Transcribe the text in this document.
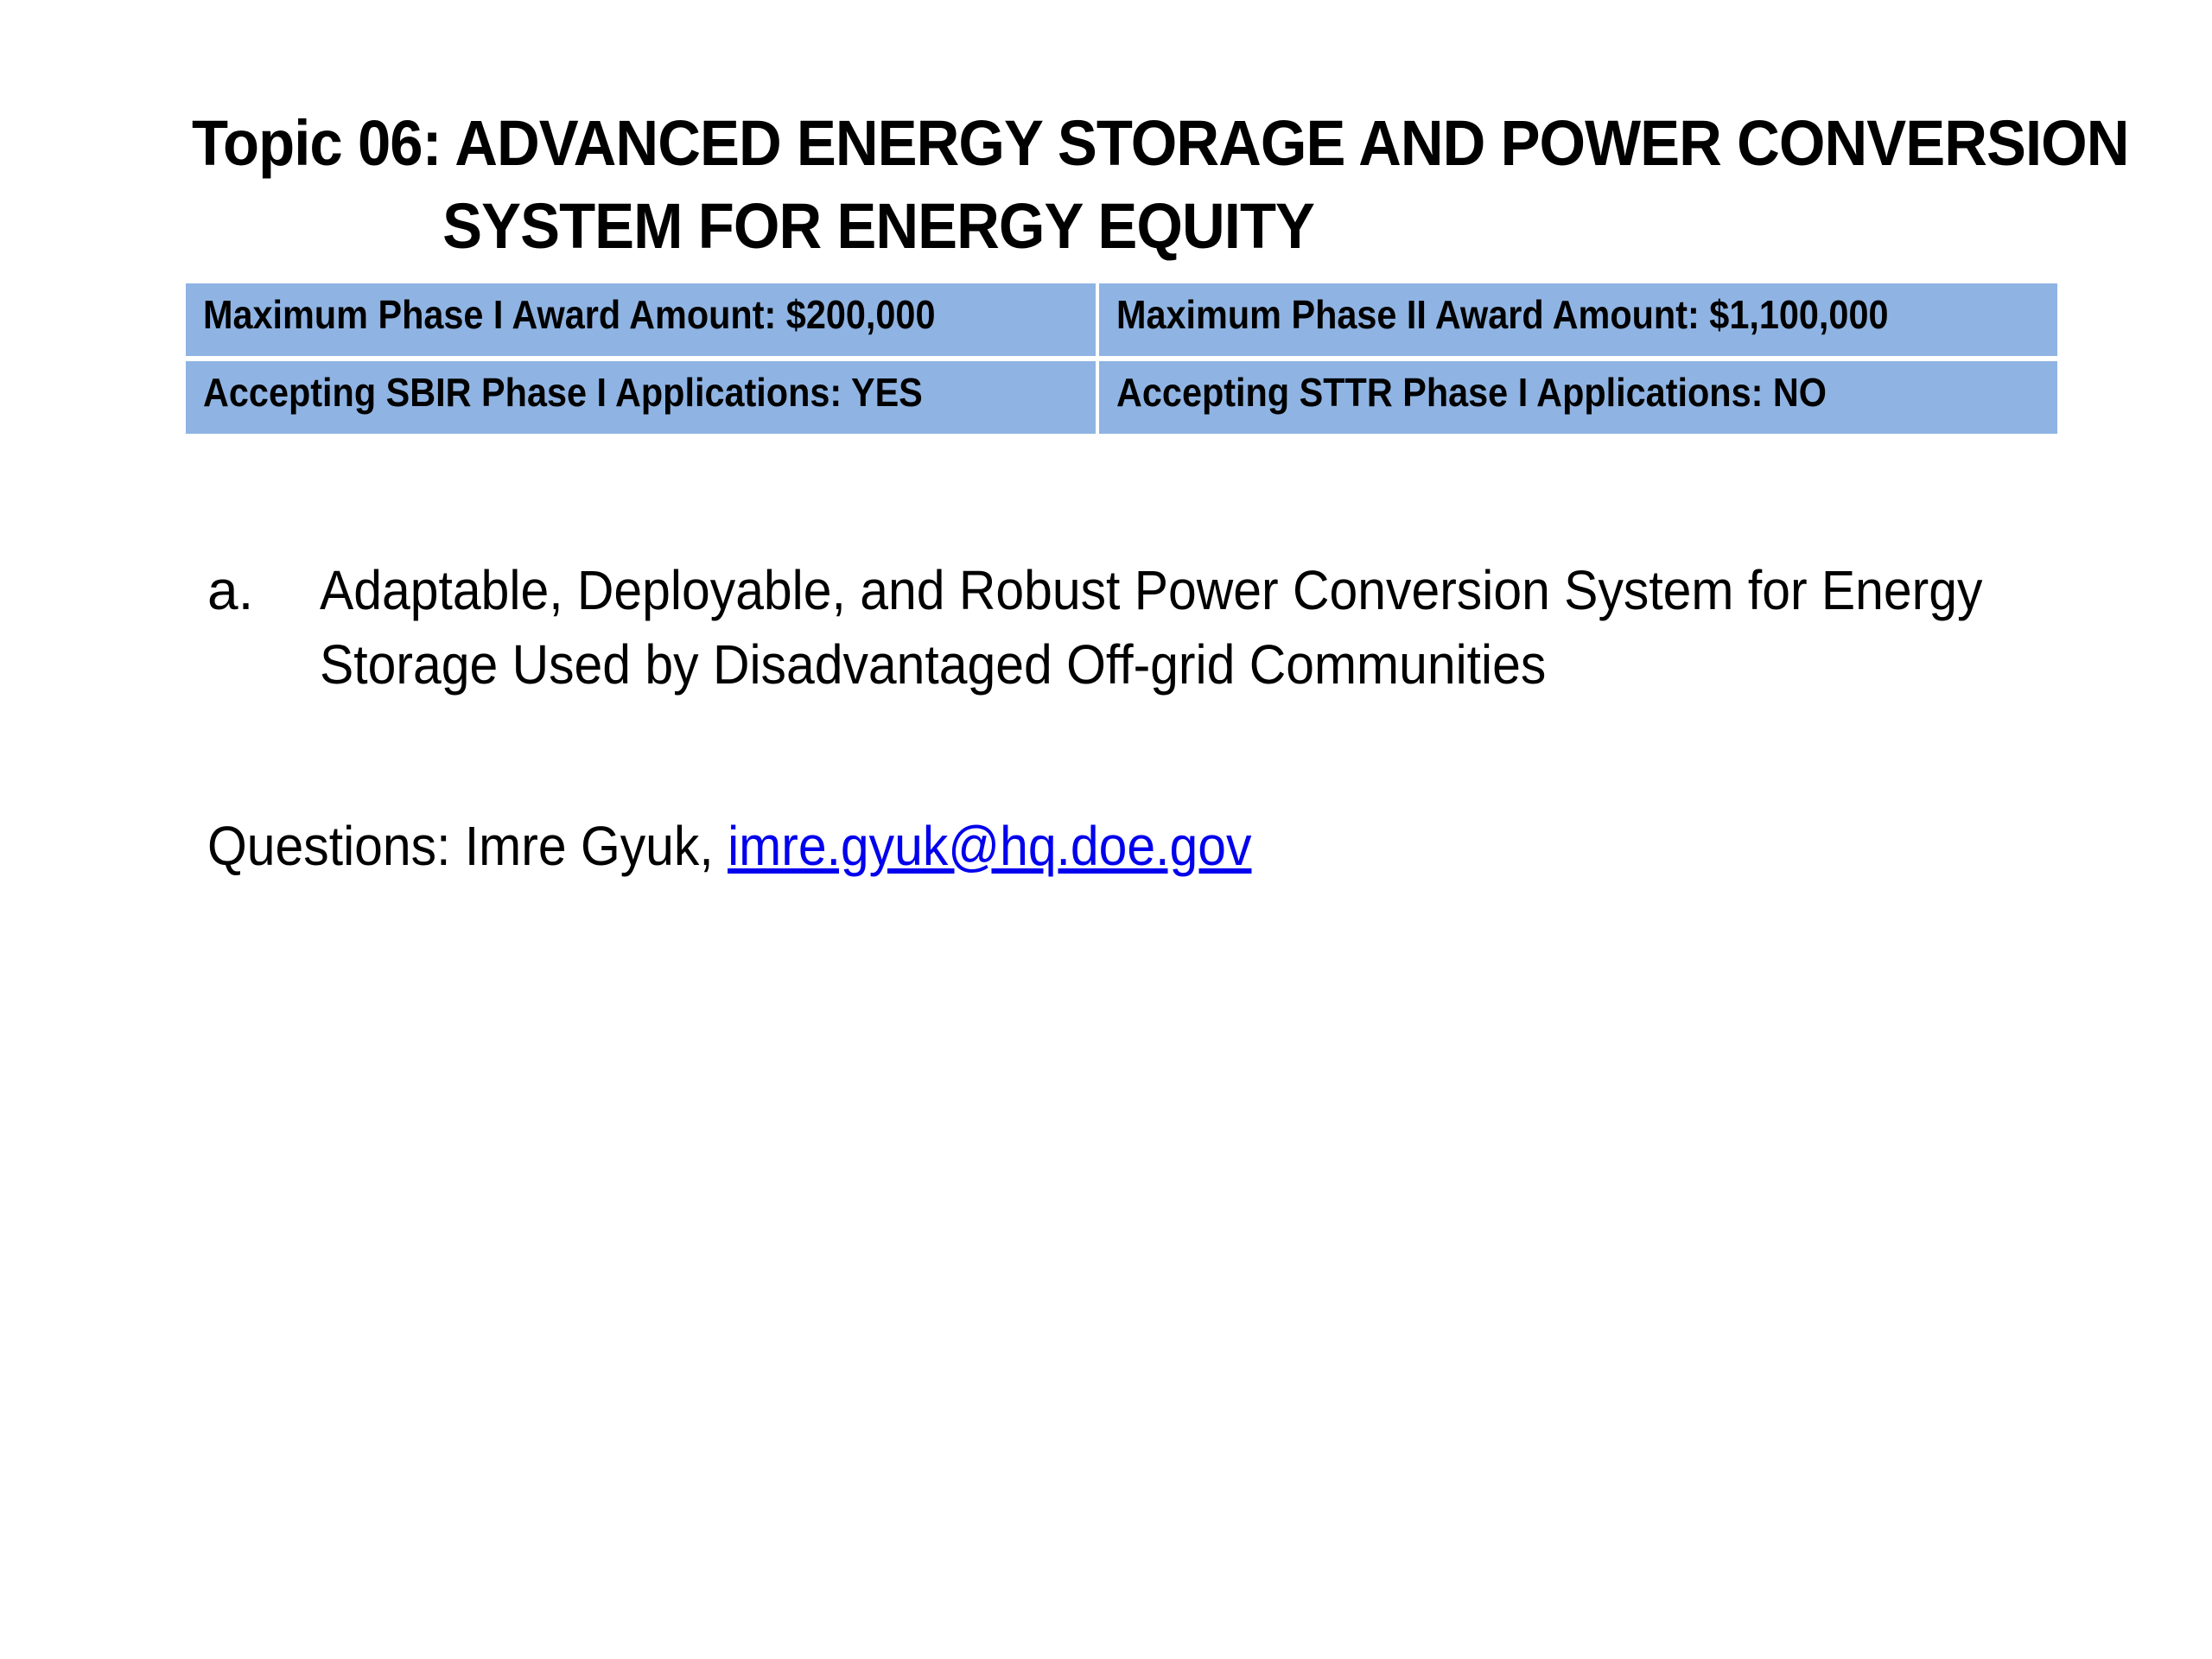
Topic 06: ADVANCED ENERGY STORAGE AND POWER CONVERSION
SYSTEM FOR ENERGY EQUITY
Maximum Phase I Award Amount: $200,000	Maximum Phase II Award Amount: $1,100,000
Accepting SBIR Phase I Applications: YES	Accepting STTR Phase I Applications: NO
a. Adaptable, Deployable, and Robust Power Conversion System for Energy
Storage Used by Disadvantaged Off-grid Communities
Questions: Imre Gyuk, imre.gyuk@hq.doe.gov
